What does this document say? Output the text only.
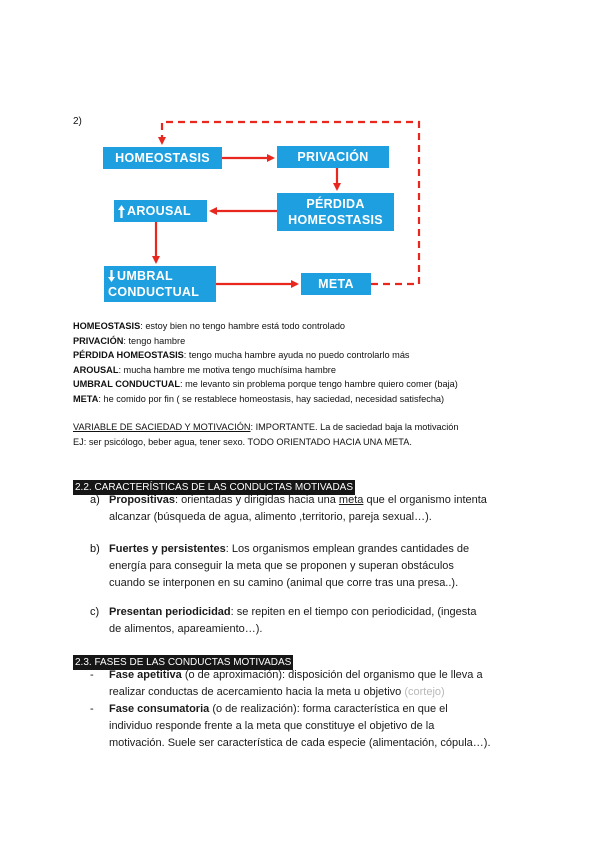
2)
HOMEOSTASIS	PRIVACIÓN
PÉRDIDA
HOMEOSTASIS
AROUSAL
UMBRAL
CONDUCTUAL
META
HOMEOSTASIS: estoy bien no tengo hambre está todo controlado
PRIVACIÓN: tengo hambre
PÉRDIDA HOMEOSTASIS: tengo mucha hambre ayuda no puedo controlarlo más
AROUSAL: mucha hambre me motiva tengo muchísima hambre
UMBRAL CONDUCTUAL: me levanto sin problema porque tengo hambre quiero comer (baja)
META: he comido por fin ( se restablece homeostasis, hay saciedad, necesidad satisfecha)
VARIABLE DE SACIEDAD Y MOTIVACIÓN: IMPORTANTE. La de saciedad baja la motivación
EJ: ser psicólogo, beber agua, tener sexo. TODO ORIENTADO HACIA UNA META.
2.2. CARACTERÍSTICAS DE LAS CONDUCTAS MOTIVADAS
a) Propositivas: orientadas y dirigidas hacia una meta que el organismo intenta
alcanzar (búsqueda de agua, alimento ,territorio, pareja sexual…).
b) Fuertes y persistentes: Los organismos emplean grandes cantidades de
energía para conseguir la meta que se proponen y superan obstáculos
cuando se interponen en su camino (animal que corre tras una presa..).
c) Presentan periodicidad: se repiten en el tiempo con periodicidad, (ingesta
de alimentos, apareamiento…).
2.3. FASES DE LAS CONDUCTAS MOTIVADAS
- Fase apetitiva (o de aproximación): disposición del organismo que le lleva a
realizar conductas de acercamiento hacia la meta u objetivo (cortejo)
- Fase consumatoria (o de realización): forma característica en que el
individuo responde frente a la meta que constituye el objetivo de la
motivación. Suele ser característica de cada especie (alimentación, cópula…).
